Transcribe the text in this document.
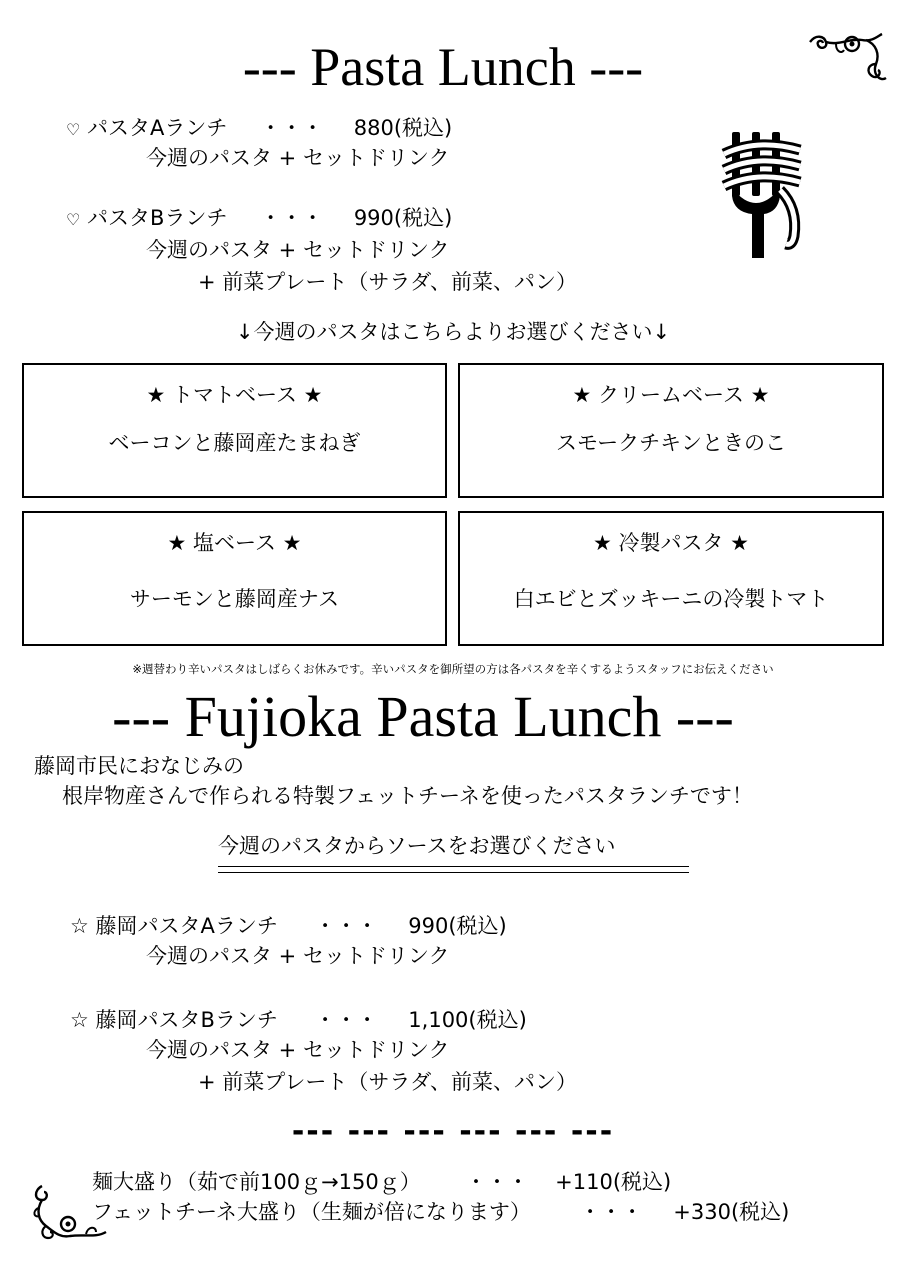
--- Pasta Lunch ---
♡ パスタAランチ ・・・ 880(税込)
今週のパスタ + セットドリンク
♡ パスタBランチ ・・・ 990(税込)
今週のパスタ + セットドリンク
+ 前菜プレート（サラダ、前菜、パン）
↓今週のパスタはこちらよりお選びください↓
★ トマトベース ★
ベーコンと藤岡産たまねぎ
★ クリームベース ★
スモークチキンときのこ
★ 塩ベース ★
サーモンと藤岡産ナス
★ 冷製パスタ ★
白エビとズッキーニの冷製トマト
※週替わり辛いパスタはしばらくお休みです。辛いパスタを御所望の方は各パスタを辛くするようスタッフにお伝えください
--- Fujioka Pasta Lunch ---
藤岡市民におなじみの
根岸物産さんで作られる特製フェットチーネを使ったパスタランチです！
今週のパスタからソースをお選びください
☆ 藤岡パスタAランチ ・・・ 990(税込)
今週のパスタ + セットドリンク
☆ 藤岡パスタBランチ ・・・ 1,100(税込)
今週のパスタ + セットドリンク
+ 前菜プレート（サラダ、前菜、パン）
--- --- --- --- --- ---
麺大盛り（茹で前100ｇ→150ｇ） ・・・ +110(税込)
フェットチーネ大盛り（生麺が倍になります） ・・・ +330(税込)
